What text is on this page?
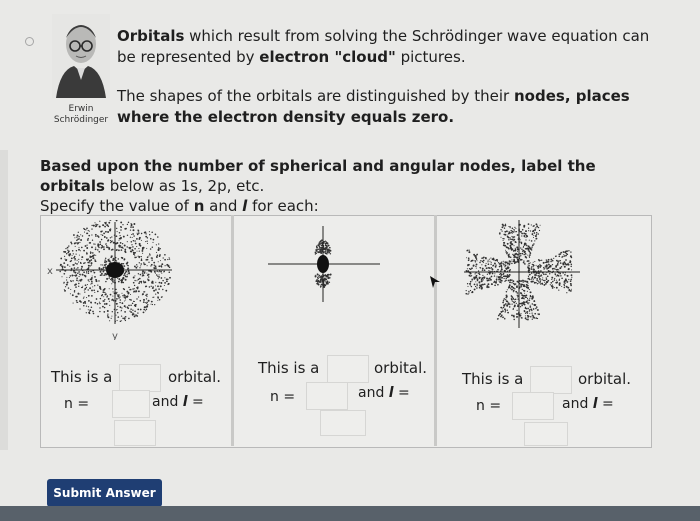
Erwin Schrödinger
Orbitals which result from solving the Schrödinger wave equation can
be represented by electron "cloud" pictures.
The shapes of the orbitals are distinguished by their nodes, places
where the electron density equals zero.
Based upon the number of spherical and angular nodes, label the
orbitals below as 1s, 2p, etc.
Specify the value of n and l for each:
x
y
This is a	orbital.
n =	and l =
This is a	orbital.
n =	and l =
This is a	orbital.
n =	and l =
Submit Answer
